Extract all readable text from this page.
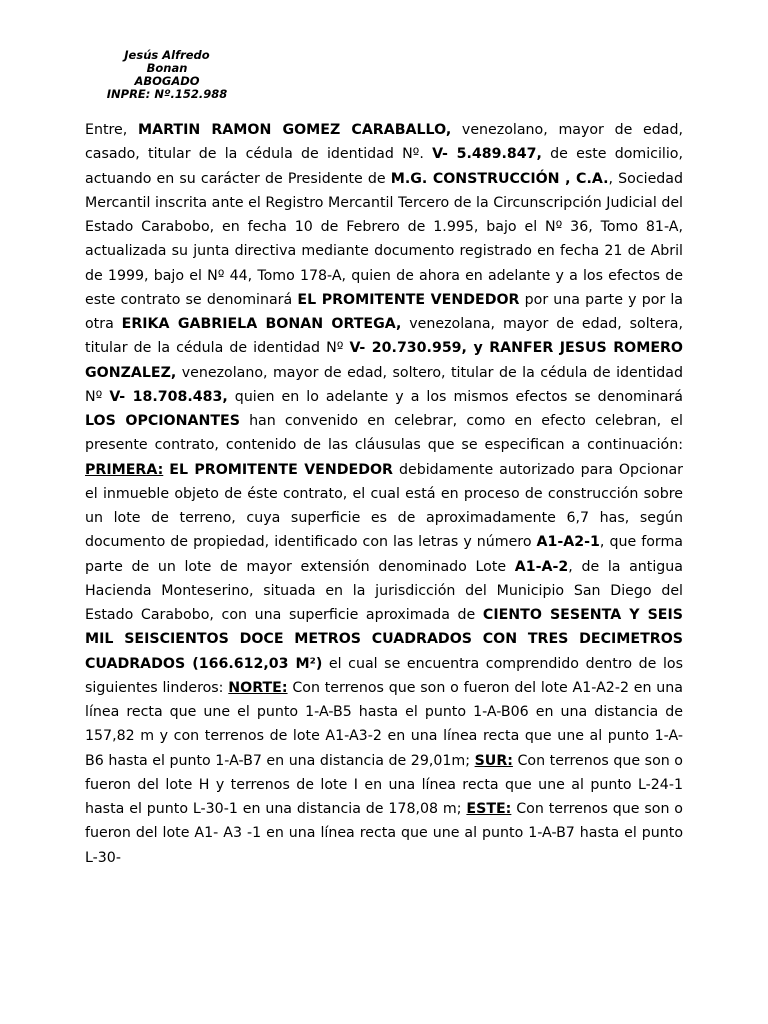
Jesús Alfredo
Bonan
ABOGADO
INPRE: Nº.152.988

Entre, MARTIN RAMON GOMEZ CARABALLO, venezolano, mayor de edad, casado, titular de la cédula de identidad Nº. V- 5.489.847, de este domicilio, actuando en su carácter de Presidente de M.G. CONSTRUCCIÓN , C.A., Sociedad Mercantil inscrita ante el Registro Mercantil Tercero de la Circunscripción Judicial del Estado Carabobo, en fecha 10 de Febrero de 1.995, bajo el Nº 36, Tomo 81-A, actualizada su junta directiva mediante documento registrado en fecha 21 de Abril de 1999, bajo el Nº 44, Tomo 178-A, quien de ahora en adelante y a los efectos de este contrato se denominará EL PROMITENTE VENDEDOR por una parte y por la otra ERIKA GABRIELA BONAN ORTEGA, venezolana, mayor de edad, soltera, titular de la cédula de identidad Nº V- 20.730.959, y RANFER JESUS ROMERO GONZALEZ, venezolano, mayor de edad, soltero, titular de la cédula de identidad Nº V- 18.708.483, quien en lo adelante y a los mismos efectos se denominará LOS OPCIONANTES han convenido en celebrar, como en efecto celebran, el presente contrato, contenido de las cláusulas que se especifican a continuación: PRIMERA: EL PROMITENTE VENDEDOR debidamente autorizado para Opcionar el inmueble objeto de éste contrato, el cual está en proceso de construcción sobre un lote de terreno, cuya superficie es de aproximadamente 6,7 has, según documento de propiedad, identificado con las letras y número A1-A2-1, que forma parte de un lote de mayor extensión denominado Lote A1-A-2, de la antigua Hacienda Monteserino, situada en la jurisdicción del Municipio San Diego del Estado Carabobo, con una superficie aproximada de CIENTO SESENTA Y SEIS MIL SEISCIENTOS DOCE METROS CUADRADOS CON TRES DECIMETROS CUADRADOS (166.612,03 M²) el cual se encuentra comprendido dentro de los siguientes linderos: NORTE: Con terrenos que son o fueron del lote A1-A2-2 en una línea recta que une el punto 1-A-B5 hasta el punto 1-A-B06 en una distancia de 157,82 m y con terrenos de lote A1-A3-2 en una línea recta que une al punto 1-A-B6 hasta el punto 1-A-B7 en una distancia de 29,01m; SUR: Con terrenos que son o fueron del lote H y terrenos de lote I en una línea recta que une al punto L-24-1 hasta el punto L-30-1 en una distancia de 178,08 m; ESTE: Con terrenos que son o fueron del lote A1- A3 -1 en una línea recta que une al punto 1-A-B7 hasta el punto L-30-
